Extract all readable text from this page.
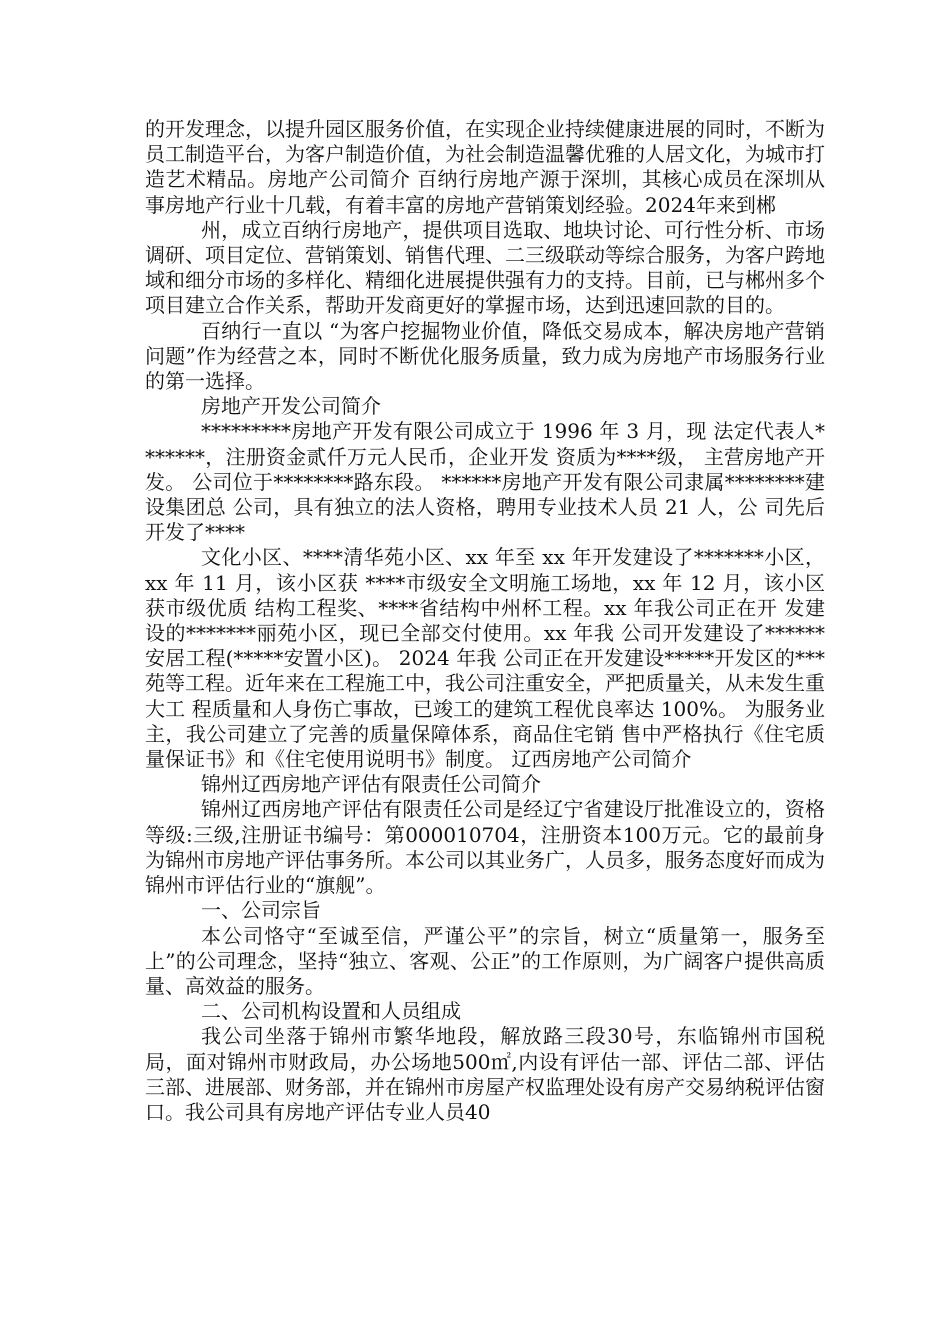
的开发理念，以提升园区服务价值，在实现企业持续健康进展的同时，不断为员工制造平台，为客户制造价值，为社会制造温馨优雅的人居文化，为城市打造艺术精品。房地产公司简介 百纳行房地产源于深圳，其核心成员在深圳从事房地产行业十几载，有着丰富的房地产营销策划经验。2024年来到郴

州，成立百纳行房地产，提供项目选取、地块讨论、可行性分析、市场调研、项目定位、营销策划、销售代理、二三级联动等综合服务，为客户跨地域和细分市场的多样化、精细化进展提供强有力的支持。目前，已与郴州多个项目建立合作关系，帮助开发商更好的掌握市场，达到迅速回款的目的。

百纳行一直以 “为客户挖掘物业价值，降低交易成本，解决房地产营销问题”作为经营之本，同时不断优化服务质量，致力成为房地产市场服务行业的第一选择。

房地产开发公司简介

*********房地产开发有限公司成立于 1996 年 3 月，现 法定代表人*******，注册资金贰仟万元人民币，企业开发 资质为****级， 主营房地产开发。 公司位于********路东段。 ******房地产开发有限公司隶属********建设集团总 公司，具有独立的法人资格，聘用专业技术人员 21 人，公 司先后开发了****

文化小区、****清华苑小区、xx 年至 xx 年开发建设了*******小区，xx 年 11 月，该小区获 ****市级安全文明施工场地，xx 年 12 月，该小区获市级优质 结构工程奖、****省结构中州杯工程。xx 年我公司正在开 发建设的*******丽苑小区，现已全部交付使用。xx 年我 公司开发建设了******安居工程(*****安置小区)。 2024 年我 公司正在开发建设*****开发区的***苑等工程。近年来在工程施工中，我公司注重安全，严把质量关，从未发生重大工 程质量和人身伤亡事故，已竣工的建筑工程优良率达 100%。 为服务业主，我公司建立了完善的质量保障体系，商品住宅销 售中严格执行《住宅质量保证书》和《住宅使用说明书》制度。 辽西房地产公司简介

锦州辽西房地产评估有限责任公司简介

锦州辽西房地产评估有限责任公司是经辽宁省建设厅批准设立的，资格等级:三级,注册证书编号：第000010704，注册资本100万元。它的最前身为锦州市房地产评估事务所。本公司以其业务广，人员多，服务态度好而成为锦州市评估行业的“旗舰”。

一、公司宗旨

本公司恪守“至诚至信，严谨公平”的宗旨，树立“质量第一，服务至上”的公司理念，坚持“独立、客观、公正”的工作原则，为广阔客户提供高质量、高效益的服务。

二、公司机构设置和人员组成

我公司坐落于锦州市繁华地段，解放路三段30号，东临锦州市国税局，面对锦州市财政局，办公场地500㎡,内设有评估一部、评估二部、评估三部、进展部、财务部，并在锦州市房屋产权监理处设有房产交易纳税评估窗口。我公司具有房地产评估专业人员40
